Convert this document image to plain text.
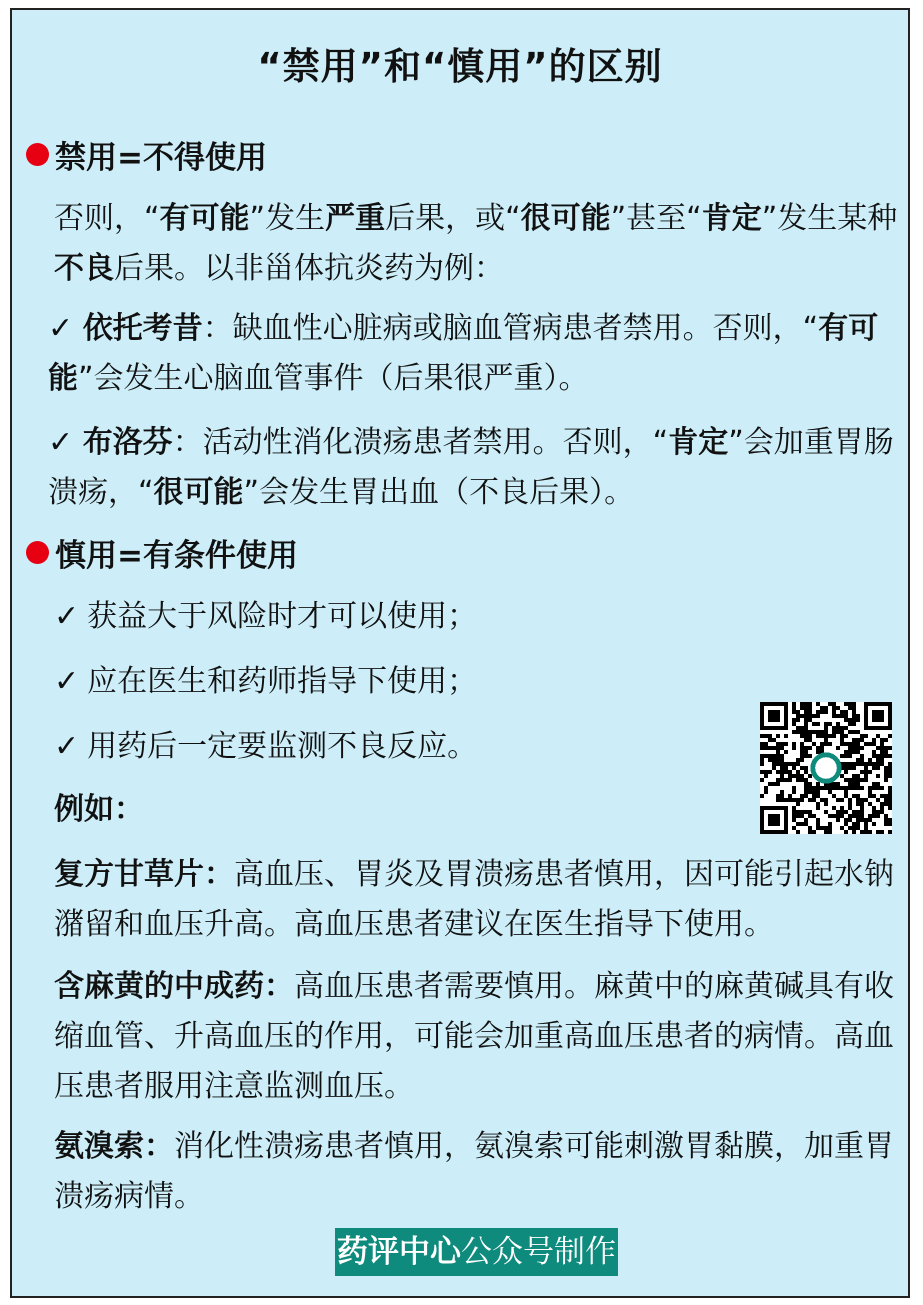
“禁用”和“慎用”的区别
禁用=不得使用
否则，“有可能”发生严重后果，或“很可能”甚至“肯定”发生某种不良后果。以非甾体抗炎药为例：
✓ 依托考昔：缺血性心脏病或脑血管病患者禁用。否则，“有可能”会发生心脑血管事件（后果很严重）。
✓ 布洛芬：活动性消化溃疡患者禁用。否则，“肯定”会加重胃肠溃疡，“很可能”会发生胃出血（不良后果）。
慎用=有条件使用
✓ 获益大于风险时才可以使用；
✓ 应在医生和药师指导下使用；
✓ 用药后一定要监测不良反应。
例如：
复方甘草片：高血压、胃炎及胃溃疡患者慎用，因可能引起水钠潴留和血压升高。高血压患者建议在医生指导下使用。
含麻黄的中成药：高血压患者需要慎用。麻黄中的麻黄碱具有收缩血管、升高血压的作用，可能会加重高血压患者的病情。高血压患者服用注意监测血压。
氨溴索：消化性溃疡患者慎用，氨溴索可能刺激胃黏膜，加重胃溃疡病情。
药评中心公众号制作
